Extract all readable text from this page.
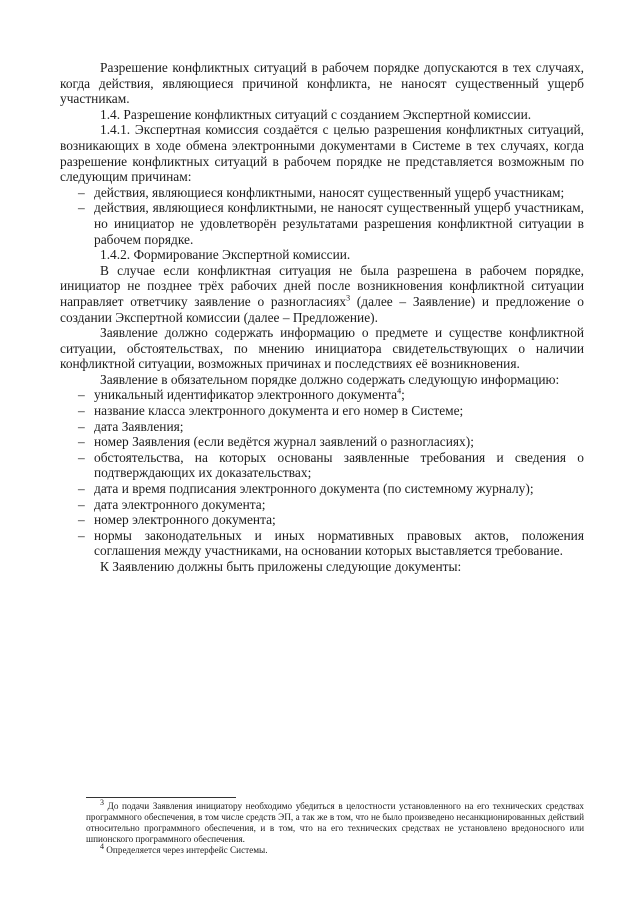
Разрешение конфликтных ситуаций в рабочем порядке допускаются в тех случаях, когда действия, являющиеся причиной конфликта, не наносят существенный ущерб участникам.

1.4. Разрешение конфликтных ситуаций с созданием Экспертной комиссии.

1.4.1. Экспертная комиссия создаётся с целью разрешения конфликтных ситуаций, возникающих в ходе обмена электронными документами в Системе в тех случаях, когда разрешение конфликтных ситуаций в рабочем порядке не представляется возможным по следующим причинам:

– действия, являющиеся конфликтными, наносят существенный ущерб участникам;
– действия, являющиеся конфликтными, не наносят существенный ущерб участникам, но инициатор не удовлетворён результатами разрешения конфликтной ситуации в рабочем порядке.

1.4.2. Формирование Экспертной комиссии.

В случае если конфликтная ситуация не была разрешена в рабочем порядке, инициатор не позднее трёх рабочих дней после возникновения конфликтной ситуации направляет ответчику заявление о разногласиях$^3$ (далее – Заявление) и предложение о создании Экспертной комиссии (далее – Предложение).

Заявление должно содержать информацию о предмете и существе конфликтной ситуации, обстоятельствах, по мнению инициатора свидетельствующих о наличии конфликтной ситуации, возможных причинах и последствиях её возникновения.

Заявление в обязательном порядке должно содержать следующую информацию:

– уникальный идентификатор электронного документа$^4$;
– название класса электронного документа и его номер в Системе;
– дата Заявления;
– номер Заявления (если ведётся журнал заявлений о разногласиях);
– обстоятельства, на которых основаны заявленные требования и сведения о подтверждающих их доказательствах;
– дата и время подписания электронного документа (по системному журналу);
– дата электронного документа;
– номер электронного документа;
– нормы законодательных и иных нормативных правовых актов, положения соглашения между участниками, на основании которых выставляется требование.

К Заявлению должны быть приложены следующие документы:

$^3$ До подачи Заявления инициатору необходимо убедиться в целостности установленного на его технических средствах программного обеспечения, в том числе средств ЭП, а так же в том, что не было произведено несанкционированных действий относительно программного обеспечения, и в том, что на его технических средствах не установлено вредоносного или шпионского программного обеспечения.

$^4$ Определяется через интерфейс Системы.
